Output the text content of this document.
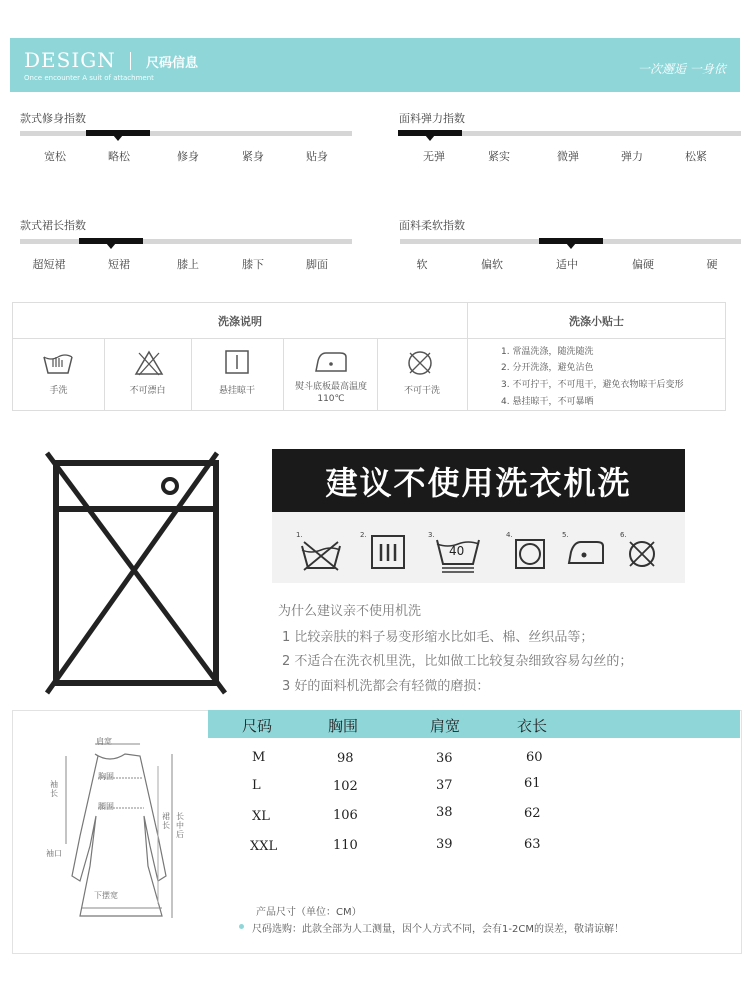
DESIGN 尺码信息
Once encounter A suit of attachment
一次邂逅 一身依
款式修身指数
宽松	略松	修身	紧身	贴身
面料弹力指数
无弹	紧实	微弹	弹力	松紧
款式裙长指数
超短裙	短裙	膝上	膝下	脚面
面料柔软指数
软	偏软	适中	偏硬	硬
洗涤说明	洗涤小贴士
手洗	不可漂白	悬挂晾干	熨斗底板最高温度110℃
不可干洗
1. 常温洗涤，随洗随洗
2. 分开洗涤，避免沾色
3. 不可拧干，不可甩干，避免衣物晾干后变形
4. 悬挂晾干，不可暴晒
建议不使用洗衣机洗
1.	2.	3.
40
4.	5.	6.
为什么建议亲不使用机洗
1 比较亲肤的料子易变形缩水比如毛、棉、丝织品等；
2 不适合在洗衣机里洗，比如做工比较复杂细致容易勾丝的；
3 好的面料机洗都会有轻微的磨损：
尺码	胸围	肩宽	衣长
M	98	36	60
L	102	37	61
XL	106	38	62
XXL	110	39	63
肩宽
胸围
腰围
袖长
袖口
裙长
长中后
下摆宽
产品尺寸（单位：CM）
尺码选购：此款全部为人工测量，因个人方式不同，会有1-2CM的误差，敬请谅解！
